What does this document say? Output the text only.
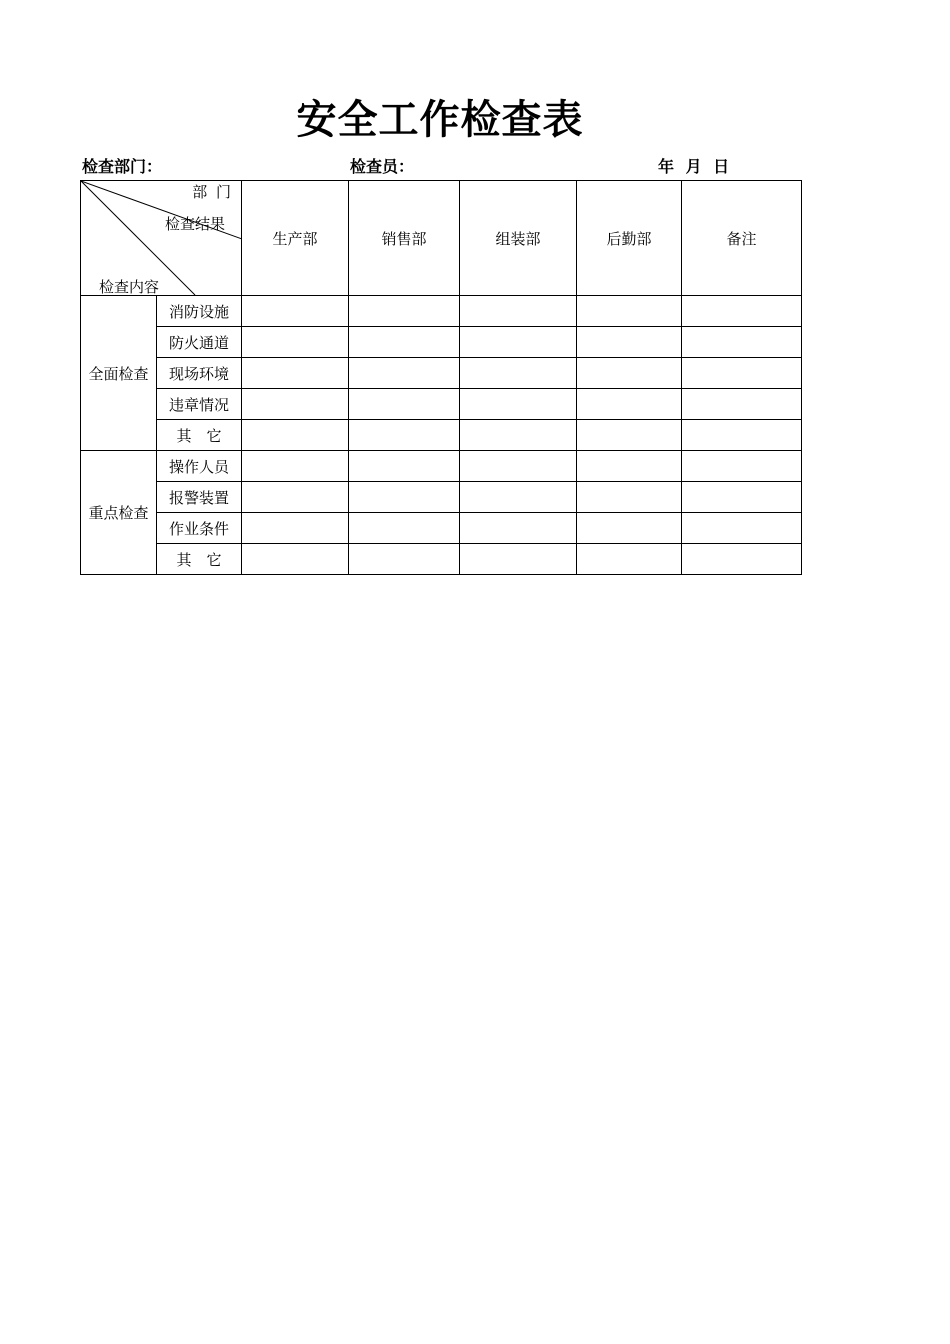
安全工作检查表
检查部门：	检查员：	年 月 日
部 门
检查结果
检查内容		生产部	销售部	组装部	后勤部	备注
全面检查	消防设施					
	防火通道					
	现场环境					
	违章情况					
	其　它					
重点检查	操作人员					
	报警装置					
	作业条件					
	其　它					
